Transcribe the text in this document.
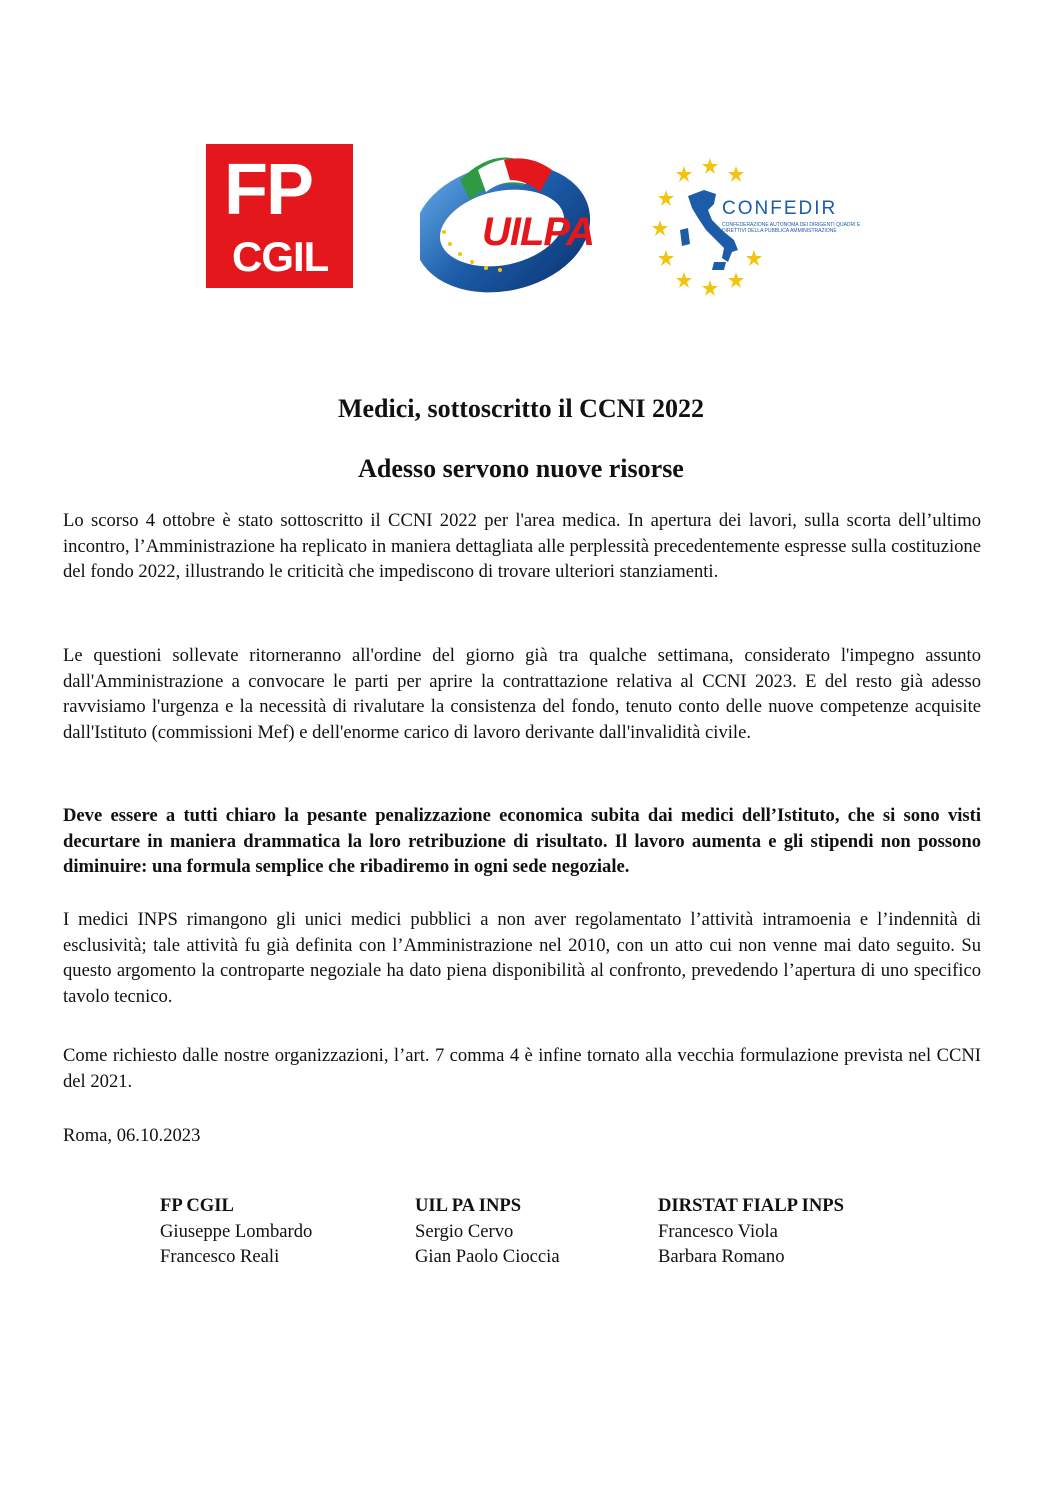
FP
CGIL
UILPA
CONFEDIR
CONFEDERAZIONE AUTONOMA DEI DIRIGENTI QUADRI E DIRETTIVI DELLA PUBBLICA AMMINISTRAZIONE
Medici, sottoscritto il CCNI 2022
Adesso servono nuove risorse
Lo scorso 4 ottobre è stato sottoscritto il CCNI 2022 per l'area medica. In apertura dei lavori, sulla scorta dell’ultimo incontro, l’Amministrazione ha replicato in maniera dettagliata alle perplessità precedentemente espresse sulla costituzione del fondo 2022, illustrando le criticità che impediscono di trovare ulteriori stanziamenti.
Le questioni sollevate ritorneranno all'ordine del giorno già tra qualche settimana, considerato l'impegno assunto dall'Amministrazione a convocare le parti per aprire la contrattazione relativa al CCNI 2023. E del resto già adesso ravvisiamo l'urgenza e la necessità di rivalutare la consistenza del fondo, tenuto conto delle nuove competenze acquisite dall'Istituto (commissioni Mef) e dell'enorme carico di lavoro derivante dall'invalidità civile.
Deve essere a tutti chiaro la pesante penalizzazione economica subita dai medici dell’Istituto, che si sono visti decurtare in maniera drammatica la loro retribuzione di risultato. Il lavoro aumenta e gli stipendi non possono diminuire: una formula semplice che ribadiremo in ogni sede negoziale.
I medici INPS rimangono gli unici medici pubblici a non aver regolamentato l’attività intramoenia e l’indennità di esclusività; tale attività fu già definita con l’Amministrazione nel 2010, con un atto cui non venne mai dato seguito. Su questo argomento la controparte negoziale ha dato piena disponibilità al confronto, prevedendo l’apertura di uno specifico tavolo tecnico.
Come richiesto dalle nostre organizzazioni, l’art. 7 comma 4 è infine tornato alla vecchia formulazione prevista nel CCNI del 2021.
Roma, 06.10.2023
FP CGIL
Giuseppe Lombardo
Francesco Reali
UIL PA INPS
Sergio Cervo
Gian Paolo Cioccia
DIRSTAT FIALP INPS
Francesco Viola
Barbara Romano
